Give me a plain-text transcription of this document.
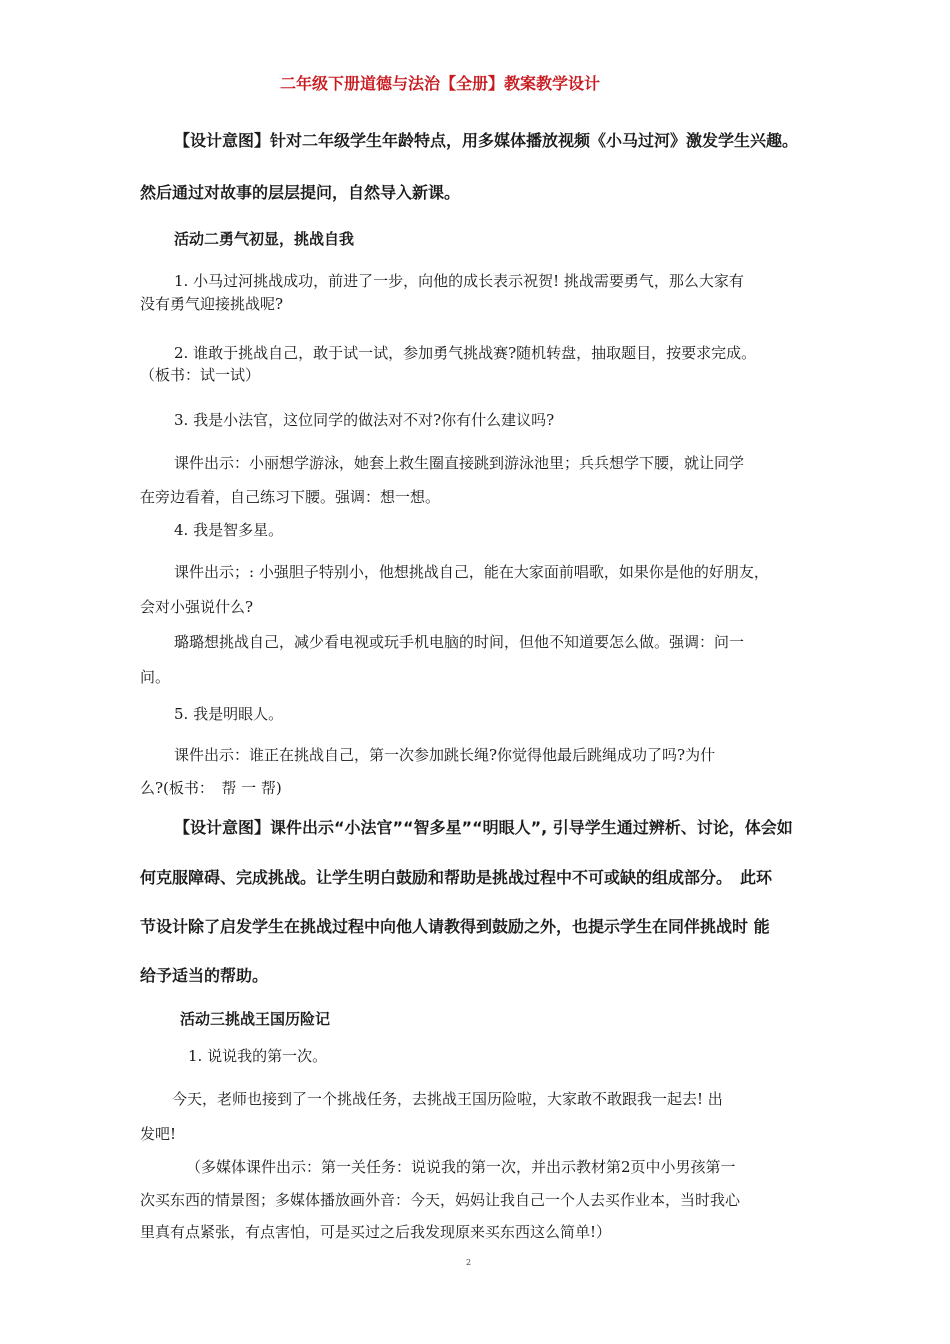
二年级下册道德与法治【全册】教案教学设计
【设计意图】针对二年级学生年龄特点，用多媒体播放视频《小马过河》激发学生兴趣。
然后通过对故事的层层提问，自然导入新课。
活动二勇气初显，挑战自我
1. 小马过河挑战成功，前进了一步，向他的成长表示祝贺! 挑战需要勇气，那么大家有
没有勇气迎接挑战呢?
2. 谁敢于挑战自己，敢于试一试，参加勇气挑战赛?随机转盘，抽取题目，按要求完成。
（板书：试一试）
3. 我是小法官，这位同学的做法对不对?你有什么建议吗?
课件出示：小丽想学游泳，她套上救生圈直接跳到游泳池里；兵兵想学下腰，就让同学
在旁边看着，自己练习下腰。强调：想一想。
4. 我是智多星。
课件出示；: 小强胆子特别小，他想挑战自己，能在大家面前唱歌，如果你是他的好朋友，
会对小强说什么?
璐璐想挑战自己，减少看电视或玩手机电脑的时间，但他不知道要怎么做。强调：问一
问。
5. 我是明眼人。
课件出示：谁正在挑战自己，第一次参加跳长绳?你觉得他最后跳绳成功了吗?为什
么?(板书：　帮 一 帮)
【设计意图】课件出示“小法官”“智多星”“明眼人”, 引导学生通过辨析、讨论，体会如
何克服障碍、完成挑战。让学生明白鼓励和帮助是挑战过程中不可或缺的组成部分。　此环
节设计除了启发学生在挑战过程中向他人请教得到鼓励之外，也提示学生在同伴挑战时 能
给予适当的帮助。
活动三挑战王国历险记
1. 说说我的第一次。
今天，老师也接到了一个挑战任务，去挑战王国历险啦，大家敢不敢跟我一起去! 出
发吧!
（多媒体课件出示：第一关任务：说说我的第一次，并出示教材第2页中小男孩第一
次买东西的情景图；多媒体播放画外音：今天，妈妈让我自己一个人去买作业本，当时我心
里真有点紧张，有点害怕，可是买过之后我发现原来买东西这么简单!）
2
